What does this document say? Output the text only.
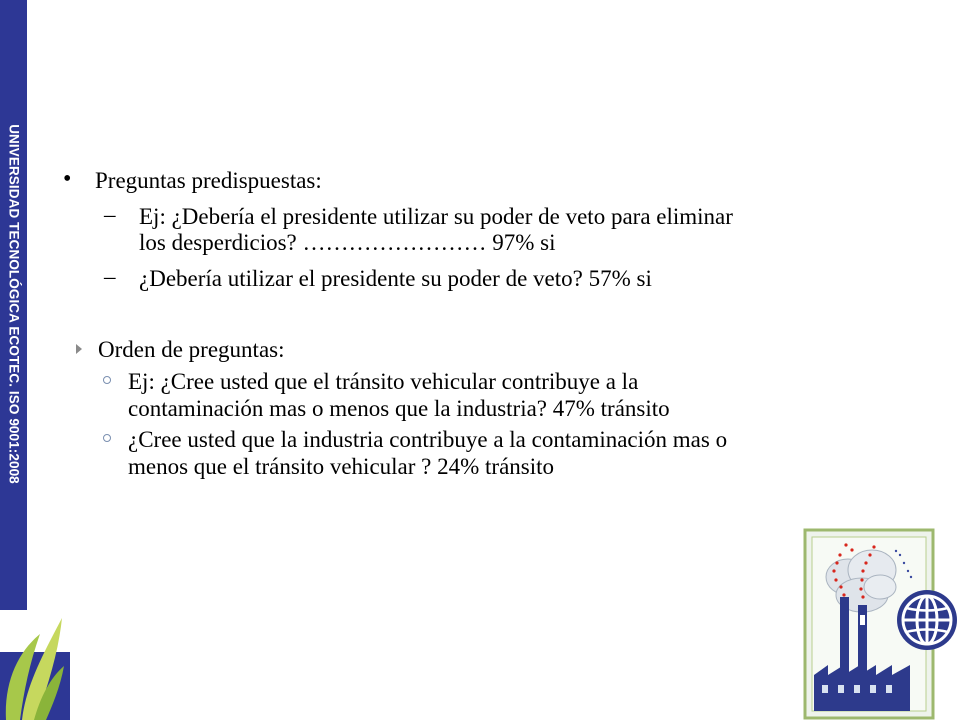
UNIVERSIDAD TECNOLÓGICA ECOTEC. ISO 9001:2008 • Preguntas predispuestas:
– Ej: ¿Debería el presidente utilizar su poder de veto para eliminar
los desperdicios? …………………… 97% si
– ¿Debería utilizar el presidente su poder de veto? 57% si
Orden de preguntas:
Ej: ¿Cree usted que el tránsito vehicular contribuye a la
contaminación mas o menos que la industria? 47% tránsito
¿Cree usted que la industria contribuye a la contaminación mas o
menos que el tránsito vehicular ? 24% tránsito
